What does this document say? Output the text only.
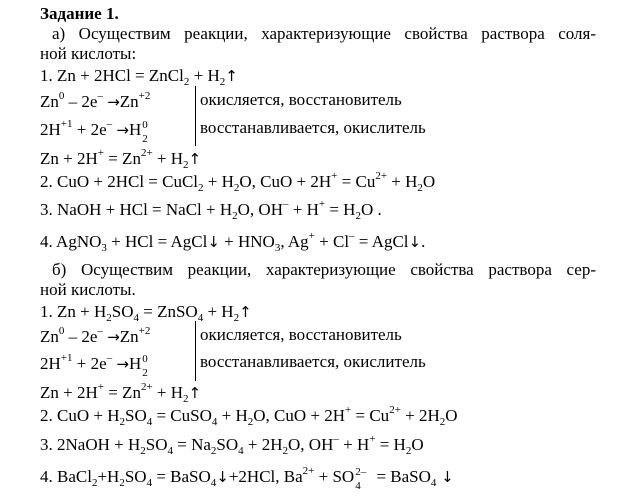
Задание 1.
а) Осуществим реакции, характеризующие свойства раствора соля-
ной кислоты:
1. Zn + 2HCl = ZnCl$_2$ + $H_2↑$
$Zn^0 - 2e^- \to Zn^{+2}$	окисляется, восстановитель
$2H^{+1} + 2e^- \to H$ 0
2
восстанавливается, окислитель
$Zn + 2H^+ = Zn^{2+}$ + $H_2↑$
2. CuO + 2HCl = CuCl$_2$ + $H_2O$, CuO + $2H^+ = Cu^{2+} + H_2O$
3. NaOH + HCl = NaCl + $H_2O$, $OH^- + H^+ = H_2O$ .
4. AgNO$_3$ + HCl = AgCl↓ + $HNO_3$, Ag+ + Cl– = AgCl↓.
б) Осуществим реакции, характеризующие свойства раствора сер-
ной кислоты.
1. $Zn + H_2SO_4$ = ZnSO$_4$ + $H_2↑$
$Zn^0 - 2e^- \to Zn^{+2}$	окисляется, восстановитель
$2H^{+1} + 2e^- \to H$ 0
2
восстанавливается, окислитель
$Zn + 2H^+ = Zn^{2+}$ + $H_2↑$
2. CuO + $H_2SO_4$ = CuSO$_4$ + $H_2O$, CuO + $2H^+ = Cu^{2+} + 2H_2O$
3. 2NaOH + $H_2SO_4 = Na_2SO_4 + 2H_2O$, $OH^- + H^+ = H_2O$
4. $BaCl_2+H_2SO_4$ = BaSO$_4$↓+2HCl, $Ba^{2+}$ + SO 2–
4 = BaSO$_4$ ↓
